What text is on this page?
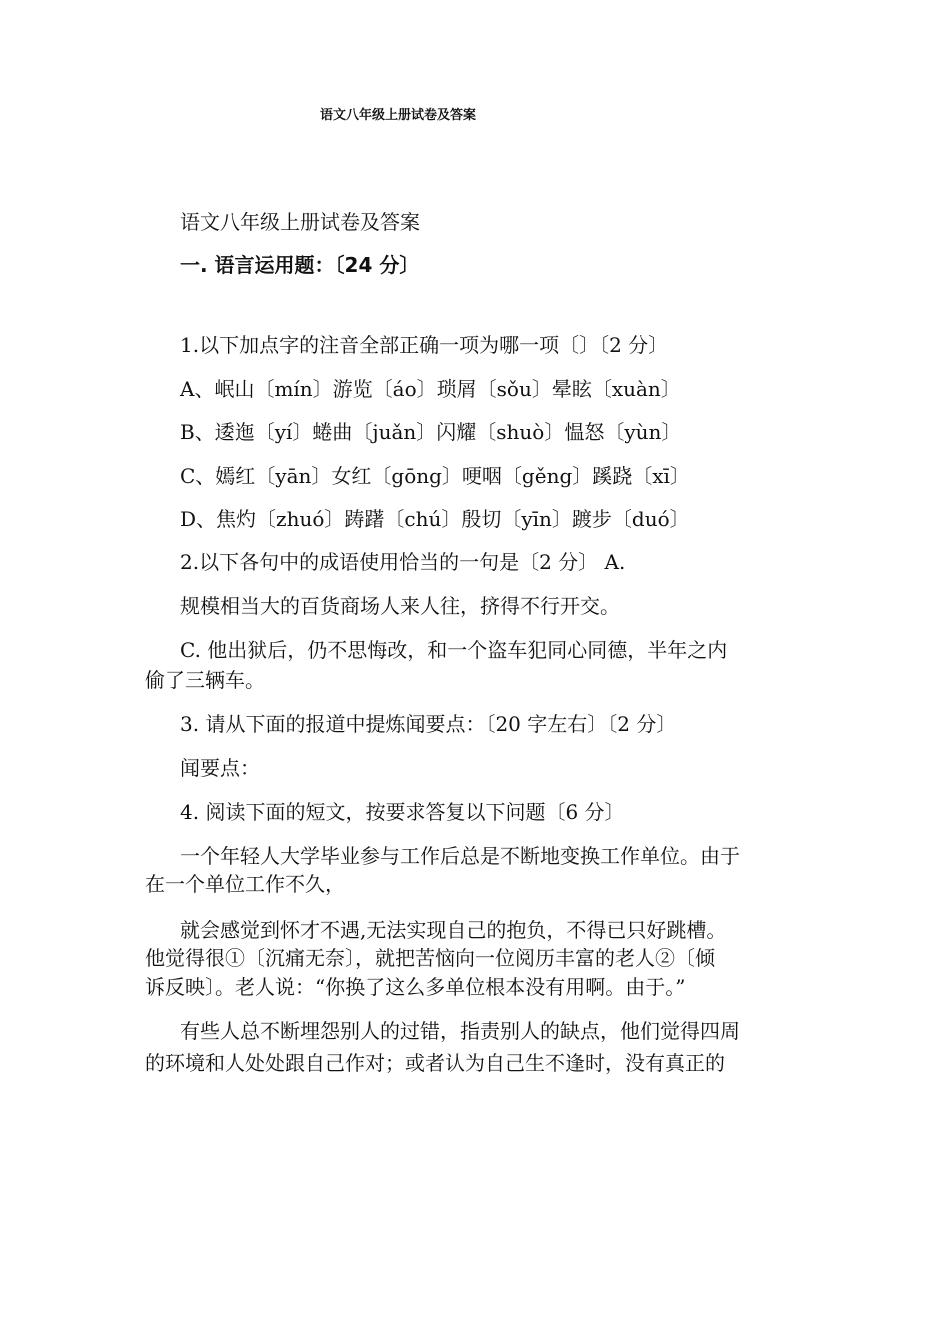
语文八年级上册试卷及答案
语文八年级上册试卷及答案
一. 语言运用题：〔24 分〕
1.以下加点字的注音全部正确一项为哪一项〔〕〔2 分〕
A、岷山〔mín〕游览〔áo〕琐屑〔sǒu〕晕眩〔xuàn〕
B、逶迤〔yí〕蜷曲〔juǎn〕闪耀〔shuò〕愠怒〔yùn〕
C、嫣红〔yān〕女红〔gōng〕哽咽〔gěng〕蹊跷〔xī〕
D、焦灼〔zhuó〕踌躇〔chú〕殷切〔yīn〕踱步〔duó〕
2.以下各句中的成语使用恰当的一句是〔2 分〕 A.
规模相当大的百货商场人来人往，挤得不行开交。
C. 他出狱后，仍不思悔改，和一个盗车犯同心同德，半年之内
偷了三辆车。
3. 请从下面的报道中提炼闻要点：〔20 字左右〕〔2 分〕
闻要点：
4. 阅读下面的短文，按要求答复以下问题〔6 分〕
一个年轻人大学毕业参与工作后总是不断地变换工作单位。由于
在一个单位工作不久，
就会感觉到怀才不遇,无法实现自己的抱负，不得已只好跳槽。
他觉得很①〔沉痛无奈〕，就把苦恼向一位阅历丰富的老人②〔倾
诉反映〕。老人说：“你换了这么多单位根本没有用啊。由于。”
有些人总不断埋怨别人的过错，指责别人的缺点，他们觉得四周
的环境和人处处跟自己作对；或者认为自己生不逢时，没有真正的
